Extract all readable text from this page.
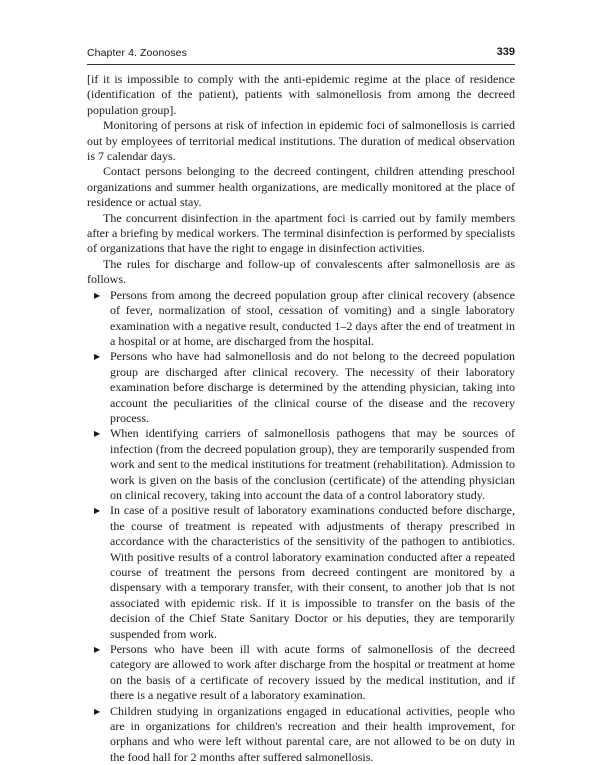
Chapter 4. Zoonoses	339

[if it is impossible to comply with the anti-epidemic regime at the place of residence (identification of the patient), patients with salmonellosis from among the decreed population group].

Monitoring of persons at risk of infection in epidemic foci of salmonellosis is carried out by employees of territorial medical institutions. The duration of medical observation is 7 calendar days.

Contact persons belonging to the decreed contingent, children attending preschool organizations and summer health organizations, are medically monitored at the place of residence or actual stay.

The concurrent disinfection in the apartment foci is carried out by family members after a briefing by medical workers. The terminal disinfection is performed by specialists of organizations that have the right to engage in disinfection activities.

The rules for discharge and follow-up of convalescents after salmonellosis are as follows.

▶ Persons from among the decreed population group after clinical recovery (absence of fever, normalization of stool, cessation of vomiting) and a single laboratory examination with a negative result, conducted 1–2 days after the end of treatment in a hospital or at home, are discharged from the hospital.
▶ Persons who have had salmonellosis and do not belong to the decreed population group are discharged after clinical recovery. The necessity of their laboratory examination before discharge is determined by the attending physician, taking into account the peculiarities of the clinical course of the disease and the recovery process.
▶ When identifying carriers of salmonellosis pathogens that may be sources of infection (from the decreed population group), they are temporarily suspended from work and sent to the medical institutions for treatment (rehabilitation). Admission to work is given on the basis of the conclusion (certificate) of the attending physician on clinical recovery, taking into account the data of a control laboratory study.
▶ In case of a positive result of laboratory examinations conducted before discharge, the course of treatment is repeated with adjustments of therapy prescribed in accordance with the characteristics of the sensitivity of the pathogen to antibiotics. With positive results of a control laboratory examination conducted after a repeated course of treatment the persons from decreed contingent are monitored by a dispensary with a temporary transfer, with their consent, to another job that is not associated with epidemic risk. If it is impossible to transfer on the basis of the decision of the Chief State Sanitary Doctor or his deputies, they are temporarily suspended from work.
▶ Persons who have been ill with acute forms of salmonellosis of the decreed category are allowed to work after discharge from the hospital or treatment at home on the basis of a certificate of recovery issued by the medical institution, and if there is a negative result of a laboratory examination.
▶ Children studying in organizations engaged in educational activities, people who are in organizations for children's recreation and their health improvement, for orphans and who were left without parental care, are not allowed to be on duty in the food hall for 2 months after suffered salmonellosis.
